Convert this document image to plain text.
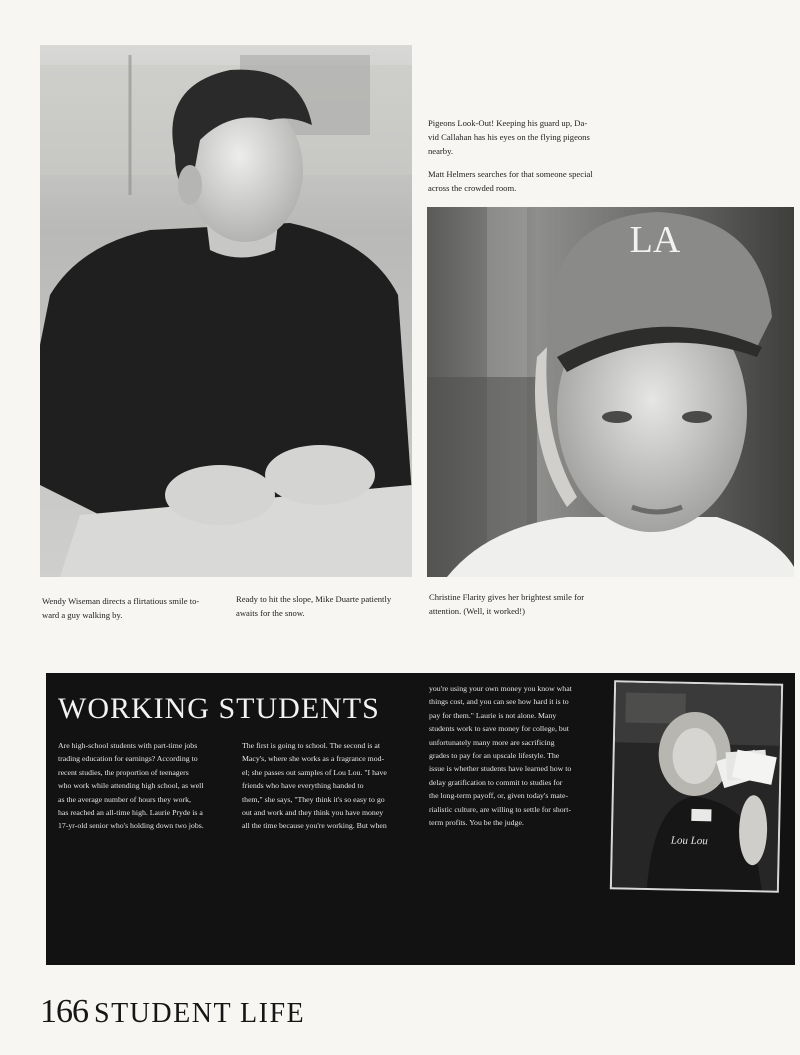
Pigeons Look-Out! Keeping his guard up, Da-
vid Callahan has his eyes on the flying pigeons
nearby.
Matt Helmers searches for that someone special
across the crowded room.
LA
Wendy Wiseman directs a flirtatious smile to-
ward a guy walking by.
Ready to hit the slope, Mike Duarte patiently
awaits for the snow.
Christine Flarity gives her brightest smile for
attention. (Well, it worked!)
WORKING STUDENTS
Are high-school students with part-time jobs
trading education for earnings? According to
recent studies, the proportion of teenagers
who work while attending high school, as well
as the average number of hours they work,
has reached an all-time high. Laurie Pryde is a
17-yr-old senior who's holding down two jobs.
The first is going to school. The second is at
Macy's, where she works as a fragrance mod-
el; she passes out samples of Lou Lou. "I have
friends who have everything handed to
them," she says, "They think it's so easy to go
out and work and they think you have money
all the time because you're working. But when
you're using your own money you know what
things cost, and you can see how hard it is to
pay for them." Laurie is not alone. Many
students work to save money for college, but
unfortunately many more are sacrificing
grades to pay for an upscale lifestyle. The
issue is whether students have learned how to
delay gratification to commit to studies for
the long-term payoff, or, given today's mate-
rialistic culture, are willing to settle for short-
term profits. You be the judge.
Lou Lou
166 STUDENT LIFE
